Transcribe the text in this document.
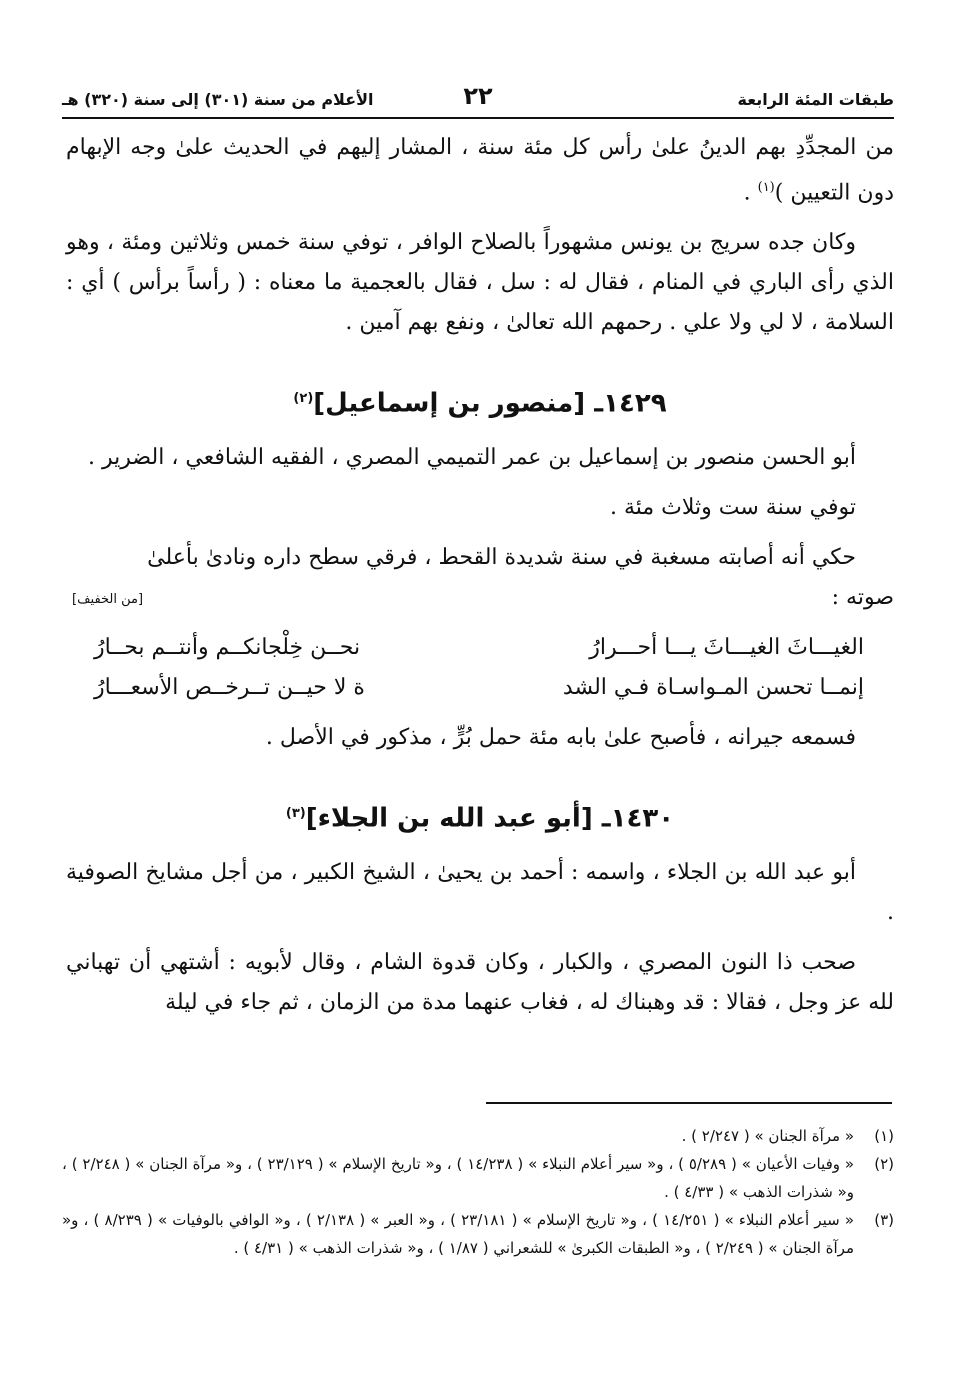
طبقات المئة الرابعة
٢٢
الأعلام من سنة (٣٠١) إلى سنة (٣٢٠) هـ

من المجدِّدِ بهم الدينُ علىٰ رأس كل مئة سنة ، المشار إليهم في الحديث علىٰ وجه الإبهام دون التعيين )$^{(١)}$ .

وكان جده سريج بن يونس مشهوراً بالصلاح الوافر ، توفي سنة خمس وثلاثين ومئة ، وهو الذي رأى الباري في المنام ، فقال له : سل ، فقال بالعجمية ما معناه : ( رأساً برأس ) أي : السلامة ، لا لي ولا علي . رحمهم الله تعالىٰ ، ونفع بهم آمين .

١٤٢٩ـ [منصور بن إسماعيل]$^{(٢)}$

أبو الحسن منصور بن إسماعيل بن عمر التميمي المصري ، الفقيه الشافعي ، الضرير .

توفي سنة ست وثلاث مئة .

حكي أنه أصابته مسغبة في سنة شديدة القحط ، فرقي سطح داره ونادىٰ بأعلىٰ

صوته :
[من الخفيف]
الغيـــاثَ الغيـــاثَ يـــا أحـــرارُ
نحــن خِلْجانكــم وأنتــم بحــارُ
إنمــا تحسن المـواسـاة فـي الشد
ة لا حيــن تــرخــص الأسعـــارُ

فسمعه جيرانه ، فأصبح علىٰ بابه مئة حمل بُرٍّ ، مذكور في الأصل .

١٤٣٠ـ [أبو عبد الله بن الجلاء]$^{(٣)}$

أبو عبد الله بن الجلاء ، واسمه : أحمد بن يحيىٰ ، الشيخ الكبير ، من أجل مشايخ الصوفية .

صحب ذا النون المصري ، والكبار ، وكان قدوة الشام ، وقال لأبويه : أشتهي أن تهباني لله عز وجل ، فقالا : قد وهبناك له ، فغاب عنهما مدة من الزمان ، ثم جاء في ليلة

(١)
« مرآة الجنان » ( ٢/٢٤٧ ) .
(٢)
« وفيات الأعيان » ( ٥/٢٨٩ ) ، و« سير أعلام النبلاء » ( ١٤/٢٣٨ ) ، و« تاريخ الإسلام » ( ٢٣/١٢٩ ) ، و« مرآة الجنان » ( ٢/٢٤٨ ) ، و« شذرات الذهب » ( ٤/٣٣ ) .
(٣)
« سير أعلام النبلاء » ( ١٤/٢٥١ ) ، و« تاريخ الإسلام » ( ٢٣/١٨١ ) ، و« العبر » ( ٢/١٣٨ ) ، و« الوافي بالوفيات » ( ٨/٢٣٩ ) ، و« مرآة الجنان » ( ٢/٢٤٩ ) ، و« الطبقات الكبرىٰ » للشعراني ( ١/٨٧ ) ، و« شذرات الذهب » ( ٤/٣١ ) .
